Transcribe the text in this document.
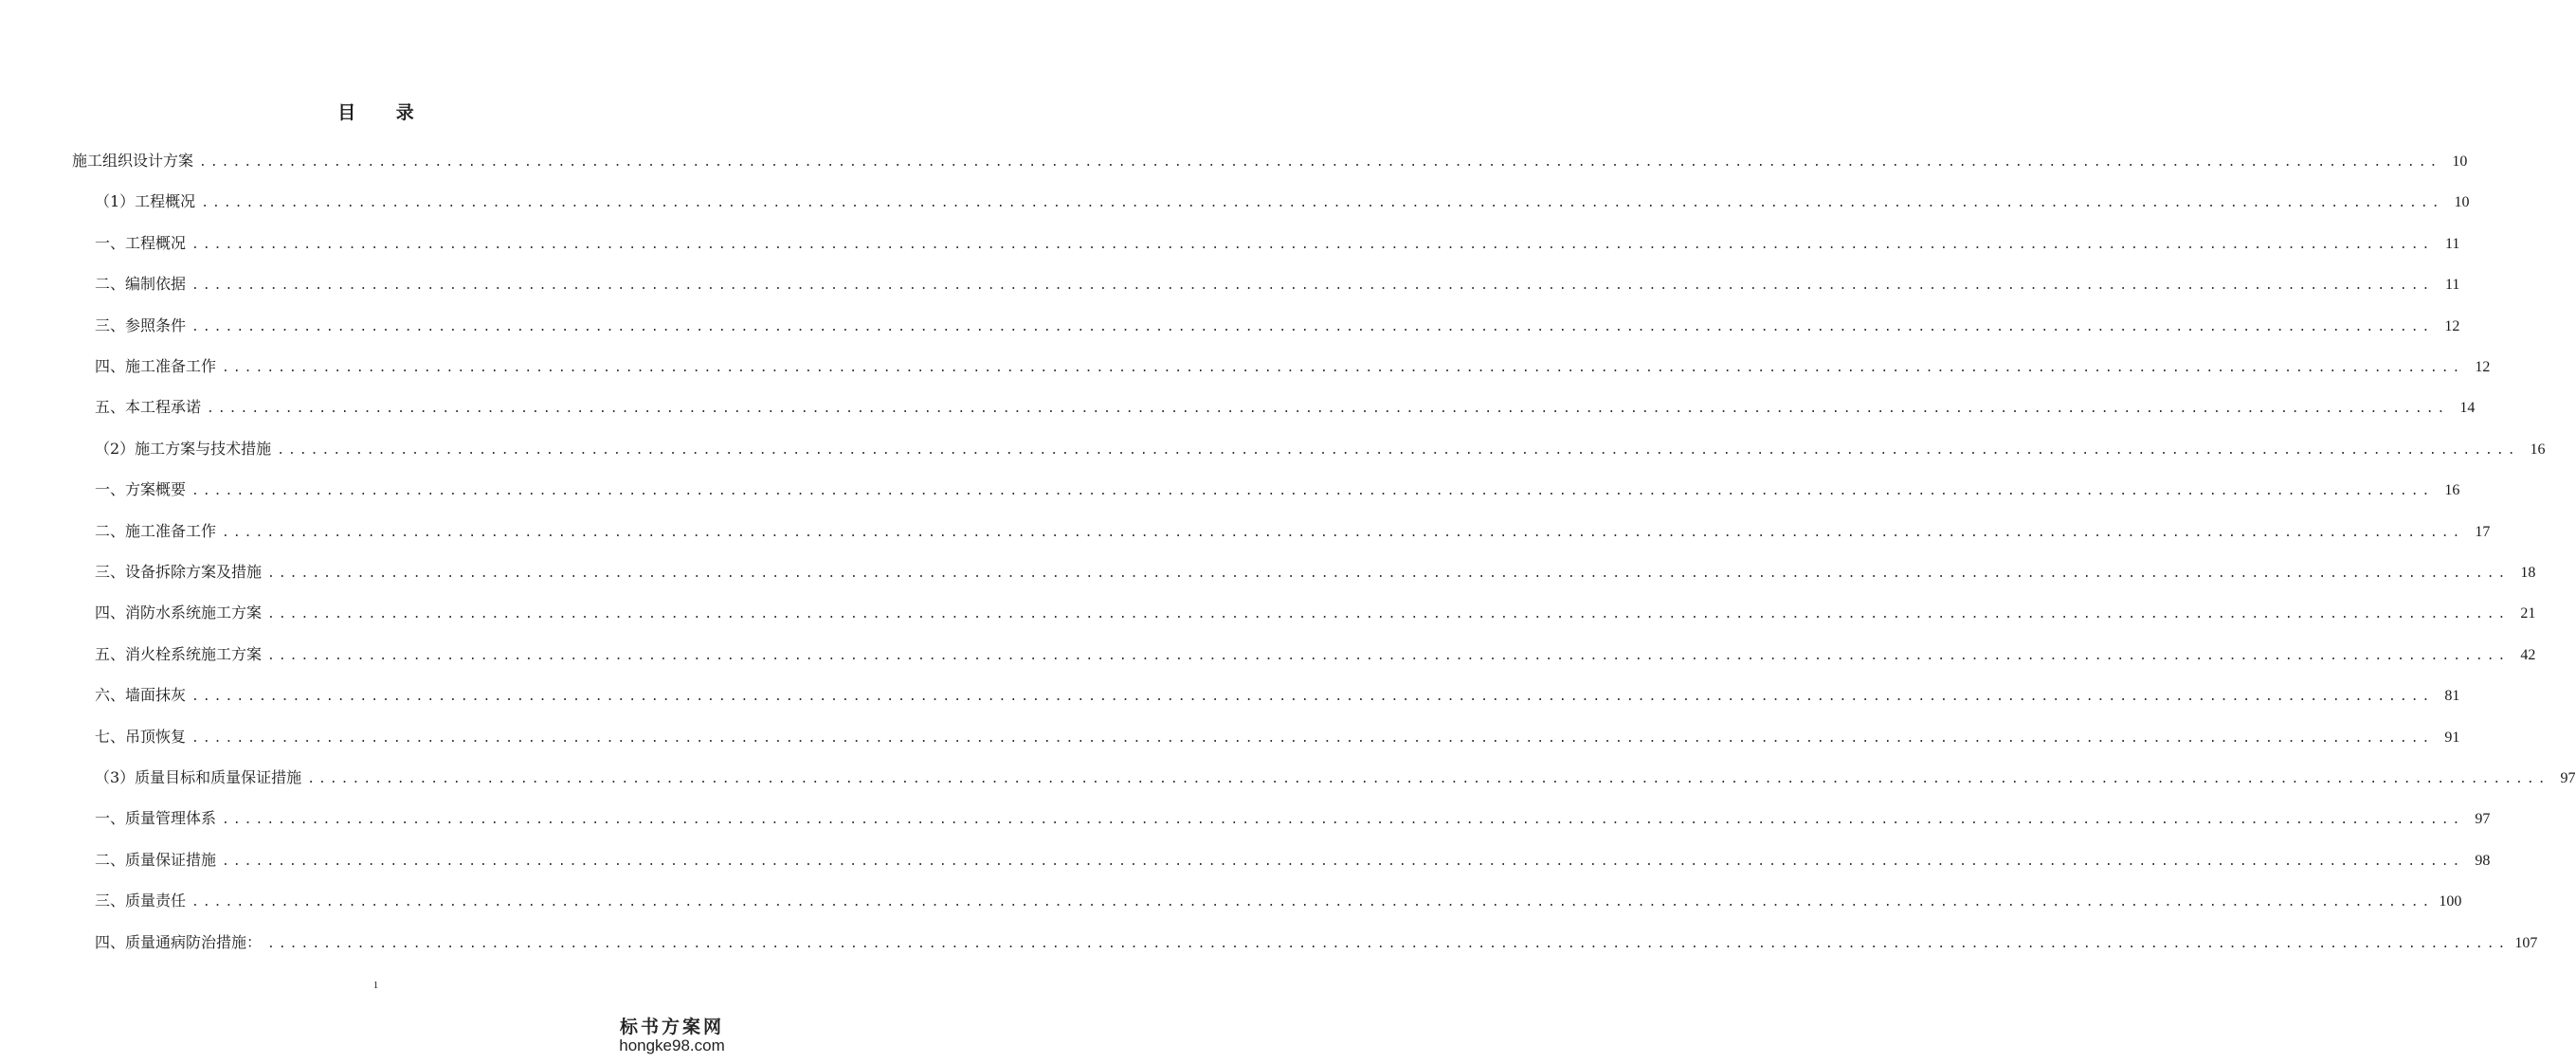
目 录
施工组织设计方案 ........................................................................................................................................................................................................ 10
（1）工程概况 ........................................................................................................................................................................................................ 10
一、工程概况 ........................................................................................................................................................................................................ 11
二、编制依据 ........................................................................................................................................................................................................ 11
三、参照条件 ........................................................................................................................................................................................................ 12
四、施工准备工作 ........................................................................................................................................................................................................ 12
五、本工程承诺 ........................................................................................................................................................................................................ 14
（2）施工方案与技术措施 ........................................................................................................................................................................................................ 16
一、方案概要 ........................................................................................................................................................................................................ 16
二、施工准备工作 ........................................................................................................................................................................................................ 17
三、设备拆除方案及措施 ........................................................................................................................................................................................................ 18
四、消防水系统施工方案 ........................................................................................................................................................................................................ 21
五、消火栓系统施工方案 ........................................................................................................................................................................................................ 42
六、墙面抹灰 ........................................................................................................................................................................................................ 81
七、吊顶恢复 ........................................................................................................................................................................................................ 91
（3）质量目标和质量保证措施 ........................................................................................................................................................................................................ 97
一、质量管理体系 ........................................................................................................................................................................................................ 97
二、质量保证措施 ........................................................................................................................................................................................................ 98
三、质量责任 ........................................................................................................................................................................................................ 100
四、质量通病防治措施： ........................................................................................................................................................................................................ 107
1
标书方案网
hongke98.com
